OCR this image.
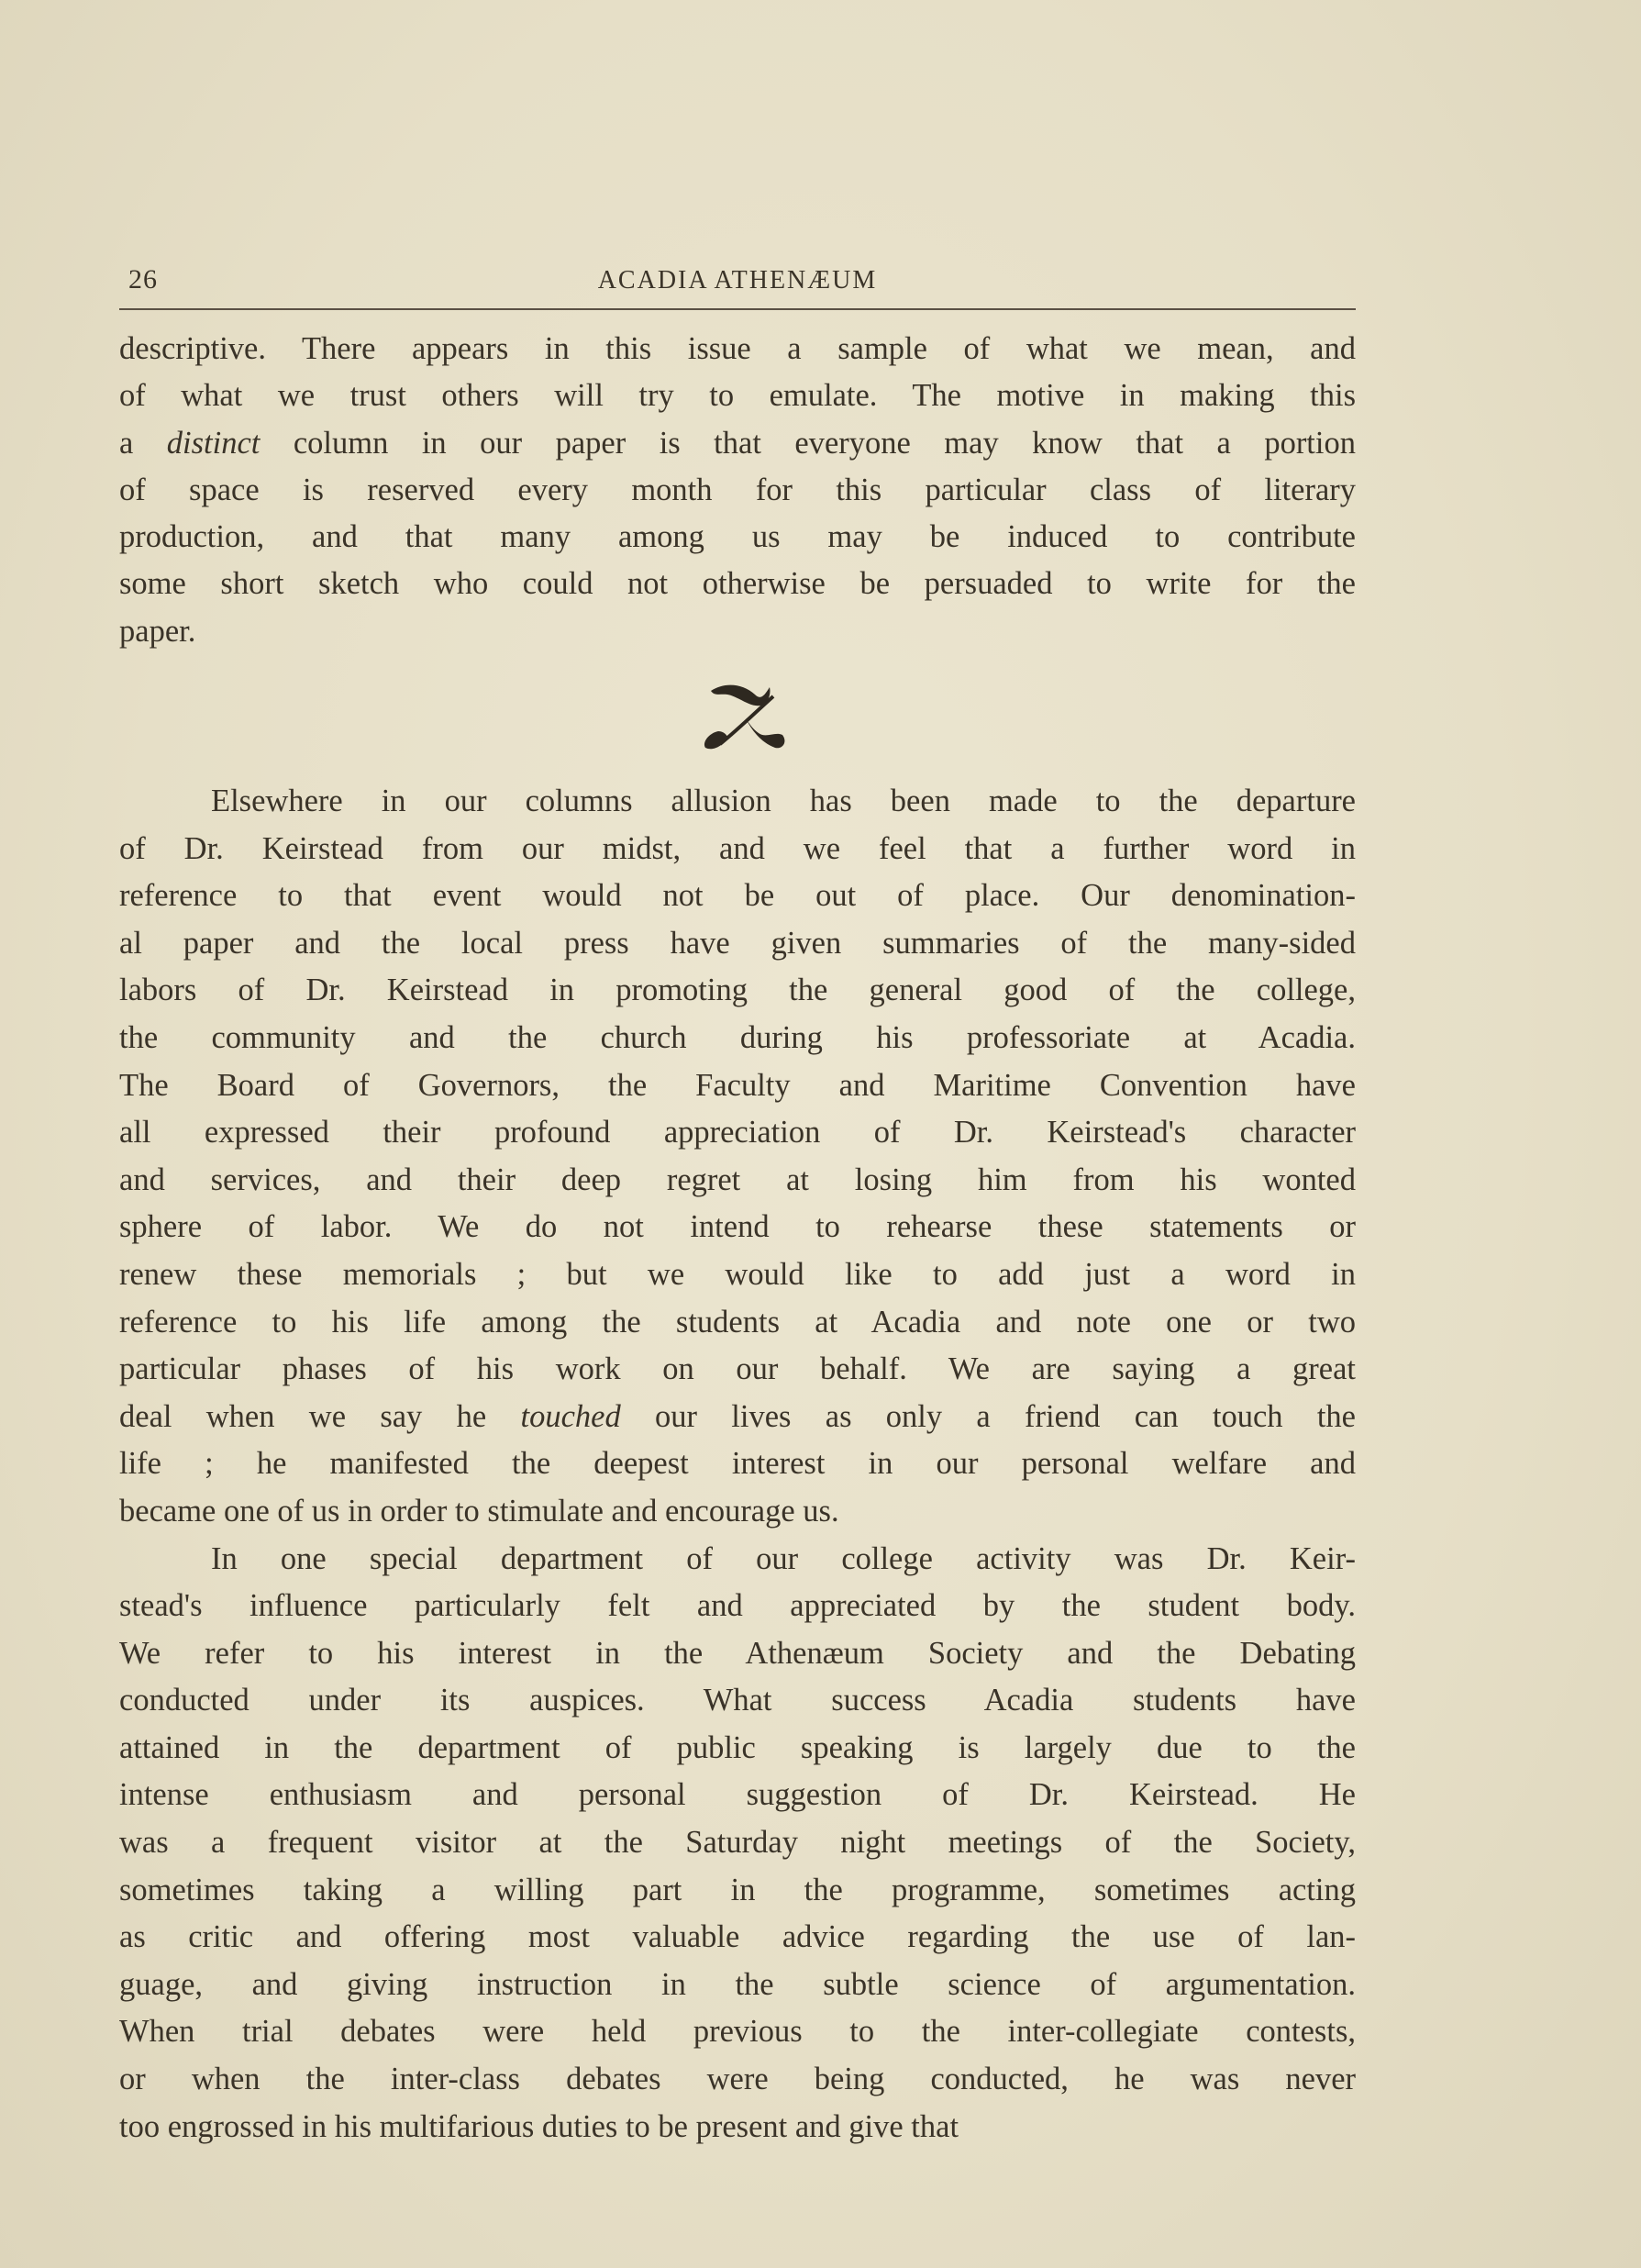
26	ACADIA ATHENÆUM
descriptive. There appears in this issue a sample of what we mean, and
of what we trust others will try to emulate. The motive in making this
a distinct column in our paper is that everyone may know that a portion
of space is reserved every month for this particular class of literary
production, and that many among us may be induced to contribute
some short sketch who could not otherwise be persuaded to write for the
paper.
Elsewhere in our columns allusion has been made to the departure
of Dr. Keirstead from our midst, and we feel that a further word in
reference to that event would not be out of place. Our denomination-
al paper and the local press have given summaries of the many-sided
labors of Dr. Keirstead in promoting the general good of the college,
the community and the church during his professoriate at Acadia.
The Board of Governors, the Faculty and Maritime Convention have
all expressed their profound appreciation of Dr. Keirstead's character
and services, and their deep regret at losing him from his wonted
sphere of labor. We do not intend to rehearse these statements or
renew these memorials ; but we would like to add just a word in
reference to his life among the students at Acadia and note one or two
particular phases of his work on our behalf. We are saying a great
deal when we say he touched our lives as only a friend can touch the
life ; he manifested the deepest interest in our personal welfare and
became one of us in order to stimulate and encourage us.
In one special department of our college activity was Dr. Keir-
stead's influence particularly felt and appreciated by the student body.
We refer to his interest in the Athenæum Society and the Debating
conducted under its auspices. What success Acadia students have
attained in the department of public speaking is largely due to the
intense enthusiasm and personal suggestion of Dr. Keirstead. He
was a frequent visitor at the Saturday night meetings of the Society,
sometimes taking a willing part in the programme, sometimes acting
as critic and offering most valuable advice regarding the use of lan-
guage, and giving instruction in the subtle science of argumentation.
When trial debates were held previous to the inter-collegiate contests,
or when the inter-class debates were being conducted, he was never
too engrossed in his multifarious duties to be present and give that
